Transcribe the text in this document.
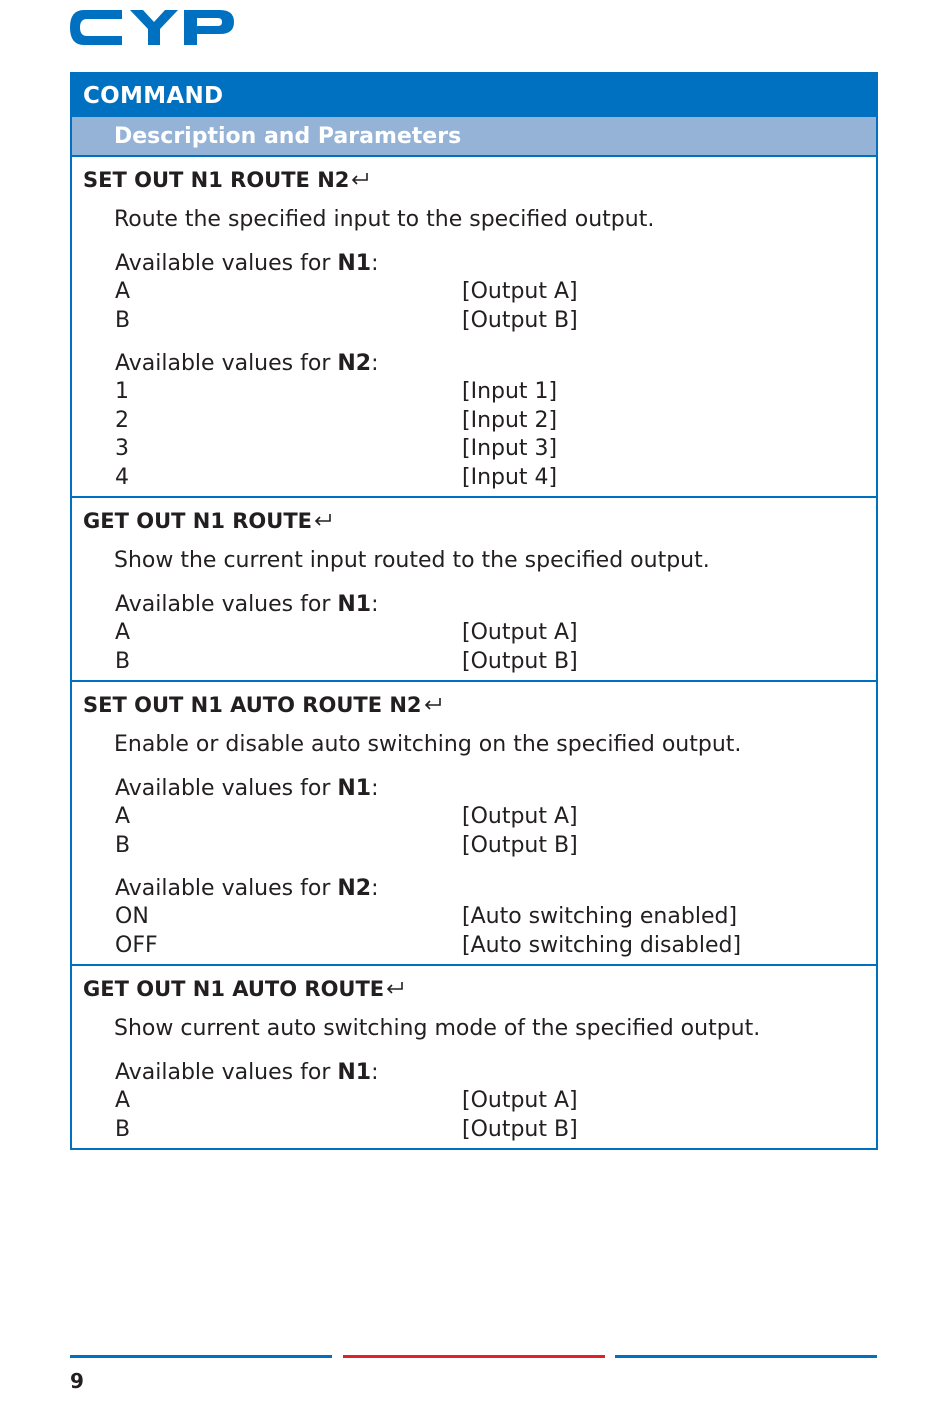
COMMAND
Description and Parameters
SET OUT N1 ROUTE N2
Route the specified input to the specified output.
Available values for N1:
A	[Output A]
B	[Output B]
Available values for N2:
1	[Input 1]
2	[Input 2]
3	[Input 3]
4	[Input 4]
GET OUT N1 ROUTE
Show the current input routed to the specified output.
Available values for N1:
A	[Output A]
B	[Output B]
SET OUT N1 AUTO ROUTE N2
Enable or disable auto switching on the specified output.
Available values for N1:
A	[Output A]
B	[Output B]
Available values for N2:
ON	[Auto switching enabled]
OFF	[Auto switching disabled]
GET OUT N1 AUTO ROUTE
Show current auto switching mode of the specified output.
Available values for N1:
A	[Output A]
B	[Output B]
9
